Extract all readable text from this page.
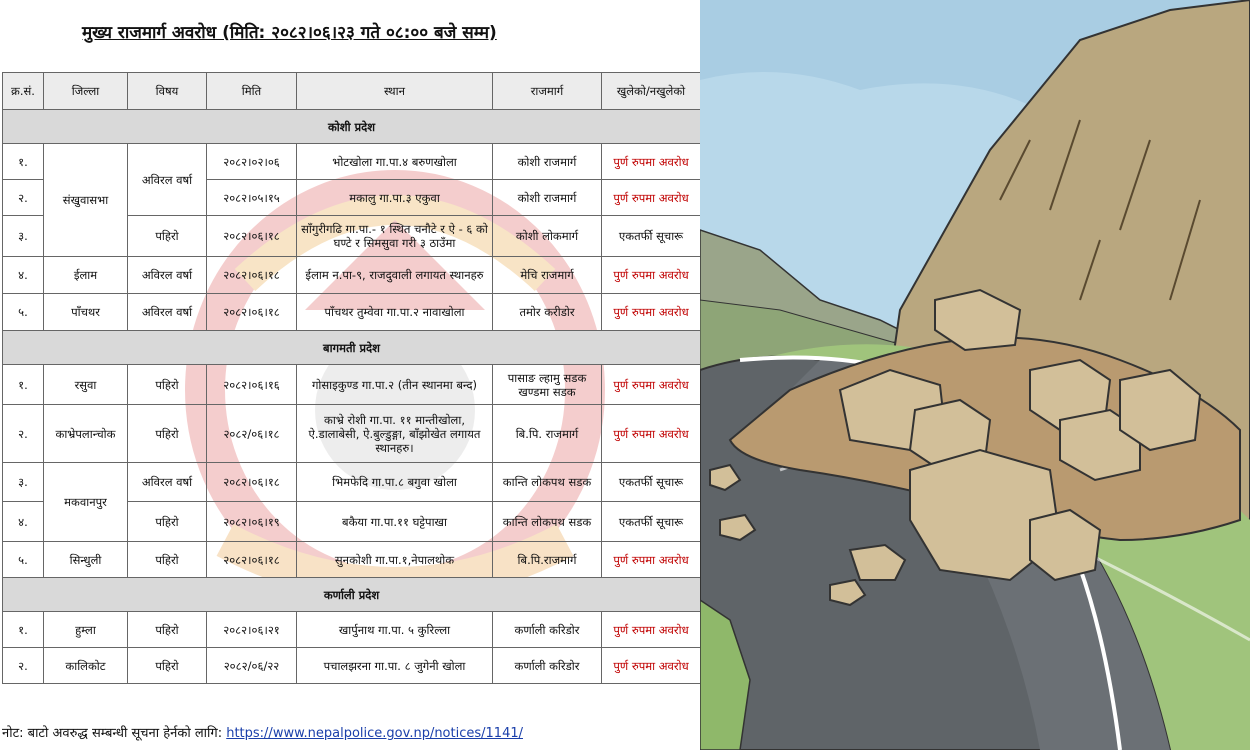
मुख्य राजमार्ग अवरोध (मिति: २०८२।०६।२३ गते ०८:०० बजे सम्म)
क्र.सं.	जिल्ला	विषय	मिति	स्थान	राजमार्ग	खुलेको/नखुलेको
कोशी प्रदेश						
१.	संखुवासभा	अविरल वर्षा	२०८२।०२।०६	भोटखोला गा.पा.४ बरुणखोला	कोशी राजमार्ग	पुर्ण रुपमा अवरोध
२.			२०८२।०५।१५	मकालु गा.पा.३ एकुवा	कोशी राजमार्ग	पुर्ण रुपमा अवरोध
३.		पहिरो	२०८२।०६।१८	साँगुरीगढि गा.पा.- १ स्थित चनौटे र ऐ - ६ को घण्टे र सिमसुवा गरी ३ ठाउँमा	कोशी लोकमार्ग	एकतर्फी सूचारू
४.	ईलाम	अविरल वर्षा	२०८२।०६।१८	ईलाम न.पा-९, राजदुवाली लगायत स्थानहरु	मेचि राजमार्ग	पुर्ण रुपमा अवरोध
५.	पाँचथर	अविरल वर्षा	२०८२।०६।१८	पाँचथर तुम्वेवा गा.पा.२ नावाखोला	तमोर करीडोर	पुर्ण रुपमा अवरोध
बागमती प्रदेश						
१.	रसुवा	पहिरो	२०८२।०६।१६	गोसाइकुण्ड गा.पा.२ (तीन स्थानमा बन्द)	पासाङ ल्हामु सडक खण्डमा सडक	पुर्ण रुपमा अवरोध
२.	काभ्रेपलान्चोक	पहिरो	२०८२/०६।१८	काभ्रे रोशी गा.पा. ११ मान्तीखोला, ऐ.डालाबेसी, ऐ.बुल्डुङ्गा, बाँझोखेत लगायत स्थानहरु।	बि.पि. राजमार्ग	पुर्ण रुपमा अवरोध
३.	मकवानपुर	अविरल वर्षा	२०८२।०६।१८	भिमफेदि गा.पा.८ बगुवा खोला	कान्ति लोकपथ सडक	एकतर्फी सूचारू
४.		पहिरो	२०८२।०६।१९	बकैया गा.पा.११ घट्टेपाखा	कान्ति लोकपथ सडक	एकतर्फी सूचारू
५.	सिन्धुली	पहिरो	२०८२।०६।१८	सुनकोशी गा.पा.१,नेपालथोक	बि.पि.राजमार्ग	पुर्ण रुपमा अवरोध
कर्णाली प्रदेश						
१.	हुम्ला	पहिरो	२०८२।०६।२१	खार्पुनाथ गा.पा. ५ कुरिल्ला	कर्णाली करिडोर	पुर्ण रुपमा अवरोध
२.	कालिकोट	पहिरो	२०८२/०६/२२	पचालझरना गा.पा. ८ जुगेनी खोला	कर्णाली करिडोर	पुर्ण रुपमा अवरोध
नोट: बाटो अवरुद्ध सम्बन्धी सूचना हेर्नको लागि: https://www.nepalpolice.gov.np/notices/1141/
